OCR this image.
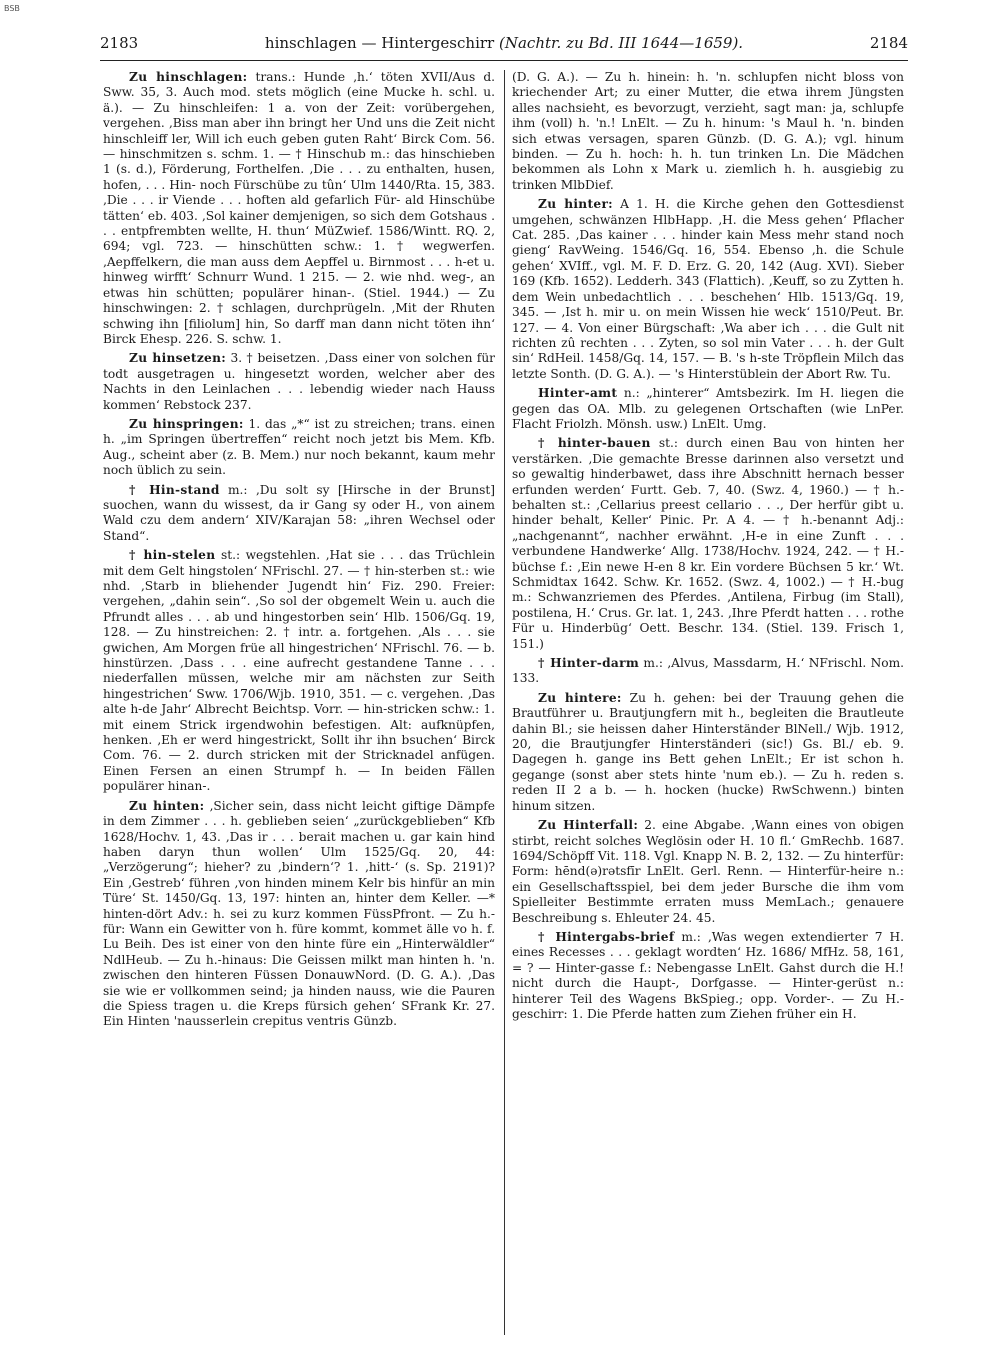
BSB
2183	hinschlagen — Hintergeschirr (Nachtr. zu Bd. III 1644—1659).	2184

Zu hinschlagen: trans.: Hunde ‚h.‘ töten XVII/Aus d. Sww. 35, 3. Auch mod. stets möglich (eine Mucke h. schl. u. ä.). — Zu hinschleifen: 1 a. von der Zeit: vorübergehen, vergehen. ‚Biss man aber ihn bringt her Und uns die Zeit nicht hinschleiff ler, Will ich euch geben guten Raht‘ Birck Com. 56. — hinschmitzen s. schm. 1. — † Hinschub m.: das hinschieben 1 (s. d.), Förderung, Forthelfen. ‚Die . . . zu enthalten, husen, hofen, . . . Hin- noch Fürschübe zu tûn‘ Ulm 1440/Rta. 15, 383. ‚Die . . . ir Viende . . . hoften ald gefarlich Für- ald Hinschübe tätten‘ eb. 403. ‚Sol kainer demjenigen, so sich dem Gotshaus . . . entpfrembten wellte, H. thun‘ MüZwief. 1586/Wintt. RQ. 2, 694; vgl. 723. — hinschütten schw.: 1. † wegwerfen. ‚Aepffelkern, die man auss dem Aepffel u. Birnmost . . . h-et u. hinweg wirfft‘ Schnurr Wund. 1 215. — 2. wie nhd. weg-, an etwas hin schütten; populärer hinan-. (Stiel. 1944.) — Zu hinschwingen: 2. † schlagen, durchprügeln. ‚Mit der Rhuten schwing ihn [filiolum] hin, So darff man dann nicht töten ihn‘ Birck Ehesp. 226. S. schw. 1.

Zu hinsetzen: 3. † beisetzen. ‚Dass einer von solchen für todt ausgetragen u. hingesetzt worden, welcher aber des Nachts in den Leinlachen . . . lebendig wieder nach Hauss kommen‘ Rebstock 237.

Zu hinspringen: 1. das „*“ ist zu streichen; trans. einen h. „im Springen übertreffen“ reicht noch jetzt bis Mem. Kfb. Aug., scheint aber (z. B. Mem.) nur noch bekannt, kaum mehr noch üblich zu sein.

† Hin-stand m.: ‚Du solt sy [Hirsche in der Brunst] suochen, wann du wissest, da ir Gang sy oder H., von ainem Wald czu dem andern‘ XIV/Karajan 58: „ihren Wechsel oder Stand“.

† hin-stelen st.: wegstehlen. ‚Hat sie . . . das Trüchlein mit dem Gelt hingstolen‘ NFrischl. 27. — † hin-sterben st.: wie nhd. ‚Starb in bliehender Jugendt hin‘ Fiz. 290. Freier: vergehen, „dahin sein“. ‚So sol der obgemelt Wein u. auch die Pfrundt alles . . . ab und hingestorben sein‘ Hlb. 1506/Gq. 19, 128. — Zu hinstreichen: 2. † intr. a. fortgehen. ‚Als . . . sie gwichen, Am Morgen früe all hingestrichen‘ NFrischl. 76. — b. hinstürzen. ‚Dass . . . eine aufrecht gestandene Tanne . . . niederfallen müssen, welche mir am nächsten zur Seith hingestrichen‘ Sww. 1706/Wjb. 1910, 351. — c. vergehen. ‚Das alte h-de Jahr‘ Albrecht Beichtsp. Vorr. — hin-stricken schw.: 1. mit einem Strick irgendwohin befestigen. Alt: aufknüpfen, henken. ‚Eh er werd hingestrickt, Sollt ihr ihn bsuchen‘ Birck Com. 76. — 2. durch stricken mit der Stricknadel anfügen. Einen Fersen an einen Strumpf h. — In beiden Fällen populärer hinan-.

Zu hinten: ‚Sicher sein, dass nicht leicht giftige Dämpfe in dem Zimmer . . . h. geblieben seien‘ „zurückgeblieben“ Kfb 1628/Hochv. 1, 43. ‚Das ir . . . berait machen u. gar kain hind haben daryn thun wollen‘ Ulm 1525/Gq. 20, 44: „Verzögerung“; hieher? zu ‚bindern‘? 1. ‚hitt-‘ (s. Sp. 2191)? Ein ‚Gestreb‘ führen ‚von hinden minem Kelr bis hinfür an min Türe‘ St. 1450/Gq. 13, 197: hinten an, hinter dem Keller. —* hinten-dört Adv.: h. sei zu kurz kommen FüssPfront. — Zu h.-für: Wann ein Gewitter von h. füre kommt, kommet älle vo h. f. Lu Beih. Des ist einer von den hinte füre ein „Hinterwäldler“ NdlHeub. — Zu h.-hinaus: Die Geissen milkt man hinten h. 'n. zwischen den hinteren Füssen DonauwNord. (D. G. A.). ‚Das sie wie er vollkommen seind; ja hinden nauss, wie die Pauren die Spiess tragen u. die Kreps fürsich gehen‘ SFrank Kr. 27. Ein Hinten 'nausserlein crepitus ventris Günzb.

(D. G. A.). — Zu h. hinein: h. 'n. schlupfen nicht bloss von kriechender Art; zu einer Mutter, die etwa ihrem Jüngsten alles nachsieht, es bevorzugt, verzieht, sagt man: ja, schlupfe ihm (voll) h. 'n.! LnElt. — Zu h. hinum: 's Maul h. 'n. binden sich etwas versagen, sparen Günzb. (D. G. A.); vgl. hinum binden. — Zu h. hoch: h. h. tun trinken Ln. Die Mädchen bekommen als Lohn x Mark u. ziemlich h. h. ausgiebig zu trinken MlbDief.

Zu hinter: A 1. H. die Kirche gehen den Gottesdienst umgehen, schwänzen HlbHapp. ‚H. die Mess gehen‘ Pflacher Cat. 285. ‚Das kainer . . . hinder kain Mess mehr stand noch gieng‘ RavWeing. 1546/Gq. 16, 554. Ebenso ‚h. die Schule gehen‘ XVIff., vgl. M. F. D. Erz. G. 20, 142 (Aug. XVI). Sieber 169 (Kfb. 1652). Ledderh. 343 (Flattich). ‚Keuff, so zu Zytten h. dem Wein unbedachtlich . . . beschehen‘ Hlb. 1513/Gq. 19, 345. — ‚Ist h. mir u. on mein Wissen hie weck‘ 1510/Peut. Br. 127. — 4. Von einer Bürgschaft: ‚Wa aber ich . . . die Gult nit richten zû rechten . . . Zyten, so sol min Vater . . . h. der Gult sin‘ RdHeil. 1458/Gq. 14, 157. — B. 's h-ste Tröpflein Milch das letzte Sonth. (D. G. A.). — 's Hinterstüblein der Abort Rw. Tu.

Hinter-amt n.: „hinterer“ Amtsbezirk. Im H. liegen die gegen das OA. Mlb. zu gelegenen Ortschaften (wie LnPer. Flacht Friolzh. Mönsh. usw.) LnElt. Umg.

† hinter-bauen st.: durch einen Bau von hinten her verstärken. ‚Die gemachte Bresse darinnen also versetzt und so gewaltig hinderbawet, dass ihre Abschnitt hernach besser erfunden werden‘ Furtt. Geb. 7, 40. (Swz. 4, 1960.) — † h.-behalten st.: ‚Cellarius preest cellario . . ., Der herfür gibt u. hinder behalt, Keller‘ Pinic. Pr. A 4. — † h.-benannt Adj.: „nachgenannt“, nachher erwähnt. ‚H-e in eine Zunft . . . verbundene Handwerke‘ Allg. 1738/Hochv. 1924, 242. — † H.-büchse f.: ‚Ein newe H-en 8 kr. Ein vordere Büchsen 5 kr.‘ Wt. Schmidtax 1642. Schw. Kr. 1652. (Swz. 4, 1002.) — † H.-bug m.: Schwanzriemen des Pferdes. ‚Antilena, Firbug (im Stall), postilena, H.‘ Crus. Gr. lat. 1, 243. ‚Ihre Pferdt hatten . . . rothe Für u. Hinderbüg‘ Oett. Beschr. 134. (Stiel. 139. Frisch 1, 151.)

† Hinter-darm m.: ‚Alvus, Massdarm, H.‘ NFrischl. Nom. 133.

Zu hintere: Zu h. gehen: bei der Trauung gehen die Brautführer u. Brautjungfern mit h., begleiten die Brautleute dahin Bl.; sie heissen daher Hinterständer BlNell./ Wjb. 1912, 20, die Brautjungfer Hinterständeri (sic!) Gs. Bl./ eb. 9. Dagegen h. gange ins Bett gehen LnElt.; Er ist schon h. gegange (sonst aber stets hinte 'num eb.). — Zu h. reden s. reden II 2 a b. — h. hocken (hucke) RwSchwenn.) binten hinum sitzen.

Zu Hinterfall: 2. eine Abgabe. ‚Wann eines von obigen stirbt, reicht solches Weglösin oder H. 10 fl.‘ GmRechb. 1687. 1694/Schöpff Vit. 118. Vgl. Knapp N. B. 2, 132. — Zu hinterfür: Form: hēnd(ə)rətsfīr LnElt. Gerl. Renn. — Hinterfür-heire n.: ein Gesellschaftsspiel, bei dem jeder Bursche die ihm vom Spielleiter Bestimmte erraten muss MemLach.; genauere Beschreibung s. Ehleuter 24. 45.

† Hintergabs-brief m.: ‚Was wegen extendierter 7 H. eines Recesses . . . geklagt wordten‘ Hz. 1686/ MfHz. 58, 161, = ? — Hinter-gasse f.: Nebengasse LnElt. Gahst durch die H.! nicht durch die Haupt-, Dorfgasse. — Hinter-gerüst n.: hinterer Teil des Wagens BkSpieg.; opp. Vorder-. — Zu H.-geschirr: 1. Die Pferde hatten zum Ziehen früher ein H.
